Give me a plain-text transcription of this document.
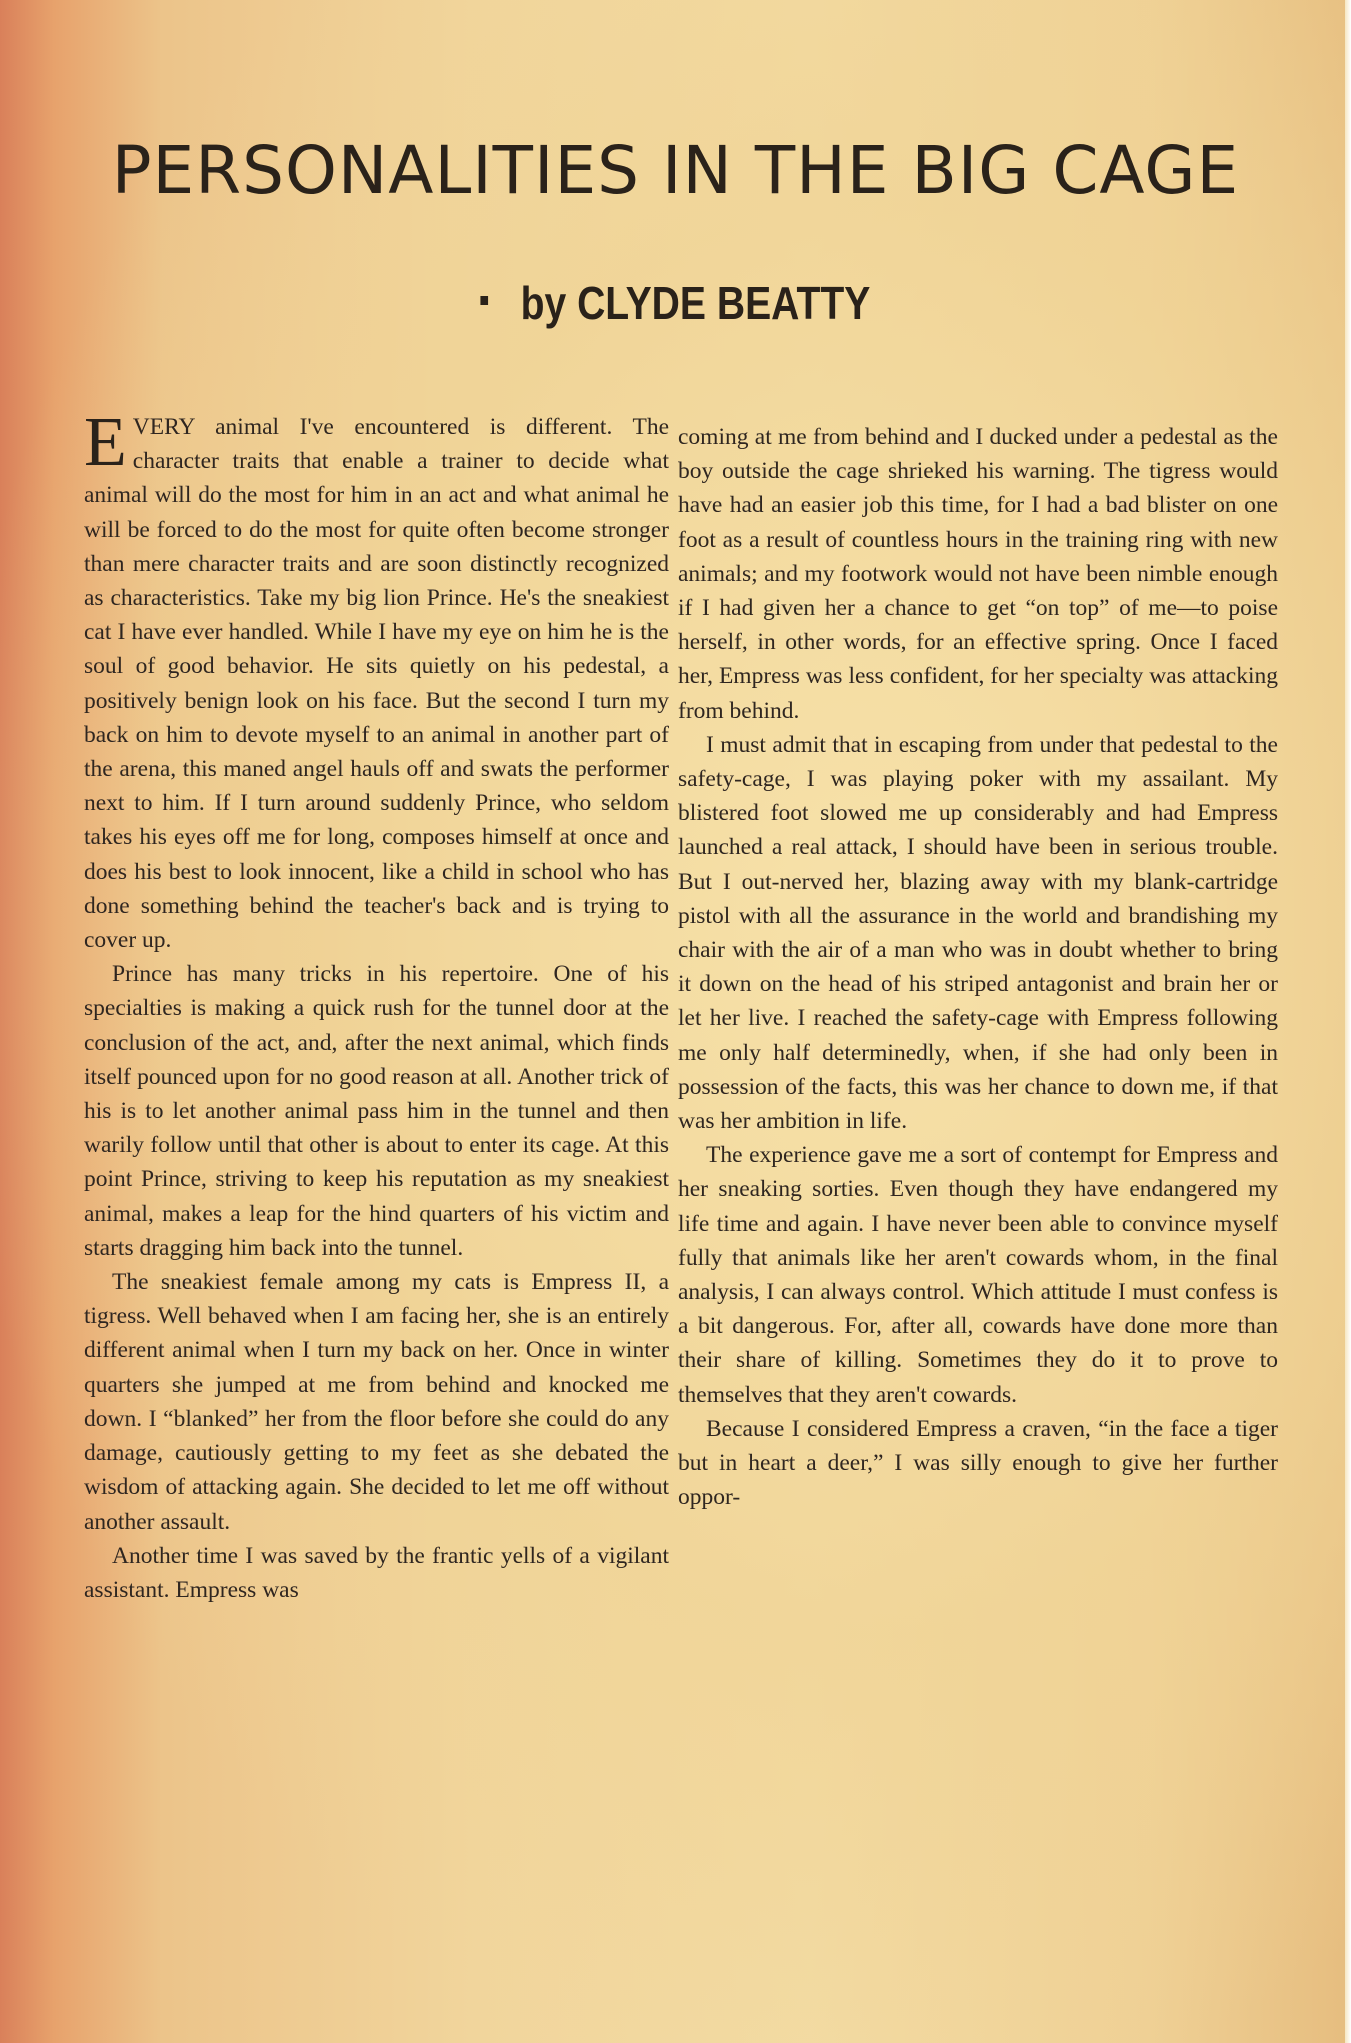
PERSONALITIES IN THE BIG CAGE
by CLYDE BEATTY

EVERY animal I've encountered is different. The character traits that enable a trainer to decide what animal will do the most for him in an act and what animal he will be forced to do the most for quite often become stronger than mere character traits and are soon distinctly recognized as characteristics. Take my big lion Prince. He's the sneakiest cat I have ever handled. While I have my eye on him he is the soul of good behavior. He sits quietly on his pedestal, a positively benign look on his face. But the second I turn my back on him to devote myself to an animal in another part of the arena, this maned angel hauls off and swats the performer next to him. If I turn around suddenly Prince, who seldom takes his eyes off me for long, composes himself at once and does his best to look innocent, like a child in school who has done something behind the teacher's back and is trying to cover up.

Prince has many tricks in his repertoire. One of his specialties is making a quick rush for the tunnel door at the conclusion of the act, and, after the next animal, which finds itself pounced upon for no good reason at all. Another trick of his is to let another animal pass him in the tunnel and then warily follow until that other is about to enter its cage. At this point Prince, striving to keep his reputation as my sneakiest animal, makes a leap for the hind quarters of his victim and starts dragging him back into the tunnel.

The sneakiest female among my cats is Empress II, a tigress. Well behaved when I am facing her, she is an entirely different animal when I turn my back on her. Once in winter quarters she jumped at me from behind and knocked me down. I “blanked” her from the floor before she could do any damage, cautiously getting to my feet as she debated the wisdom of attacking again. She decided to let me off without another assault.

Another time I was saved by the frantic yells of a vigilant assistant. Empress was

coming at me from behind and I ducked under a pedestal as the boy outside the cage shrieked his warning. The tigress would have had an easier job this time, for I had a bad blister on one foot as a result of countless hours in the training ring with new animals; and my footwork would not have been nimble enough if I had given her a chance to get “on top” of me—to poise herself, in other words, for an effective spring. Once I faced her, Empress was less confident, for her specialty was attacking from behind.

I must admit that in escaping from under that pedestal to the safety-cage, I was playing poker with my assailant. My blistered foot slowed me up considerably and had Empress launched a real attack, I should have been in serious trouble. But I out-nerved her, blazing away with my blank-cartridge pistol with all the assurance in the world and brandishing my chair with the air of a man who was in doubt whether to bring it down on the head of his striped antagonist and brain her or let her live. I reached the safety-cage with Empress following me only half determinedly, when, if she had only been in possession of the facts, this was her chance to down me, if that was her ambition in life.

The experience gave me a sort of contempt for Empress and her sneaking sorties. Even though they have endangered my life time and again. I have never been able to convince myself fully that animals like her aren't cowards whom, in the final analysis, I can always control. Which attitude I must confess is a bit dangerous. For, after all, cowards have done more than their share of killing. Sometimes they do it to prove to themselves that they aren't cowards.

Because I considered Empress a craven, “in the face a tiger but in heart a deer,” I was silly enough to give her further oppor-
